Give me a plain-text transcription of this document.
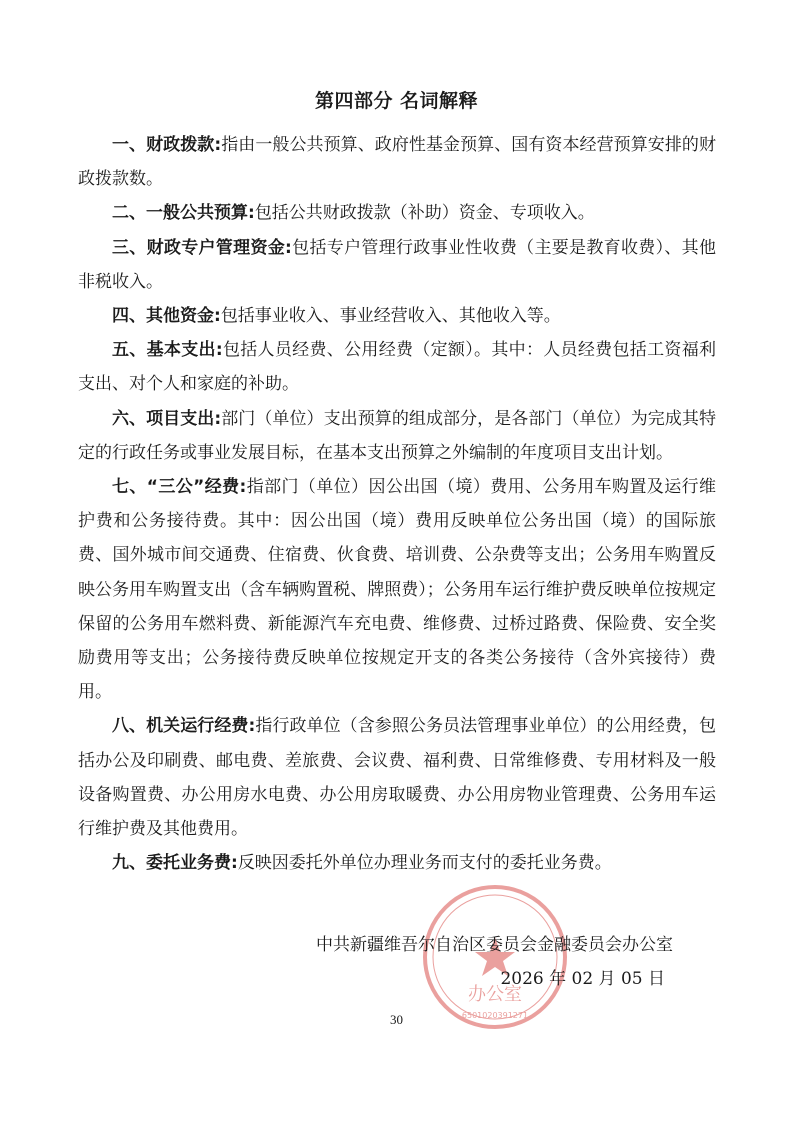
第四部分 名词解释

一、财政拨款:指由一般公共预算、政府性基金预算、国有资本经营预算安排的财政拨款数。

二、一般公共预算:包括公共财政拨款（补助）资金、专项收入。

三、财政专户管理资金:包括专户管理行政事业性收费（主要是教育收费）、其他非税收入。

四、其他资金:包括事业收入、事业经营收入、其他收入等。

五、基本支出:包括人员经费、公用经费（定额）。其中：人员经费包括工资福利支出、对个人和家庭的补助。

六、项目支出:部门（单位）支出预算的组成部分，是各部门（单位）为完成其特定的行政任务或事业发展目标，在基本支出预算之外编制的年度项目支出计划。

七、“三公”经费:指部门（单位）因公出国（境）费用、公务用车购置及运行维护费和公务接待费。其中：因公出国（境）费用反映单位公务出国（境）的国际旅费、国外城市间交通费、住宿费、伙食费、培训费、公杂费等支出；公务用车购置反映公务用车购置支出（含车辆购置税、牌照费）；公务用车运行维护费反映单位按规定保留的公务用车燃料费、新能源汽车充电费、维修费、过桥过路费、保险费、安全奖励费用等支出；公务接待费反映单位按规定开支的各类公务接待（含外宾接待）费用。

八、机关运行经费:指行政单位（含参照公务员法管理事业单位）的公用经费，包括办公及印刷费、邮电费、差旅费、会议费、福利费、日常维修费、专用材料及一般设备购置费、办公用房水电费、办公用房取暖费、办公用房物业管理费、公务用车运行维护费及其他费用。

九、委托业务费:反映因委托外单位办理业务而支付的委托业务费。

办公室
6501020391271
中共新疆维吾尔自治区委员会金融委员会办公室
2026 年 02 月 05 日
30
